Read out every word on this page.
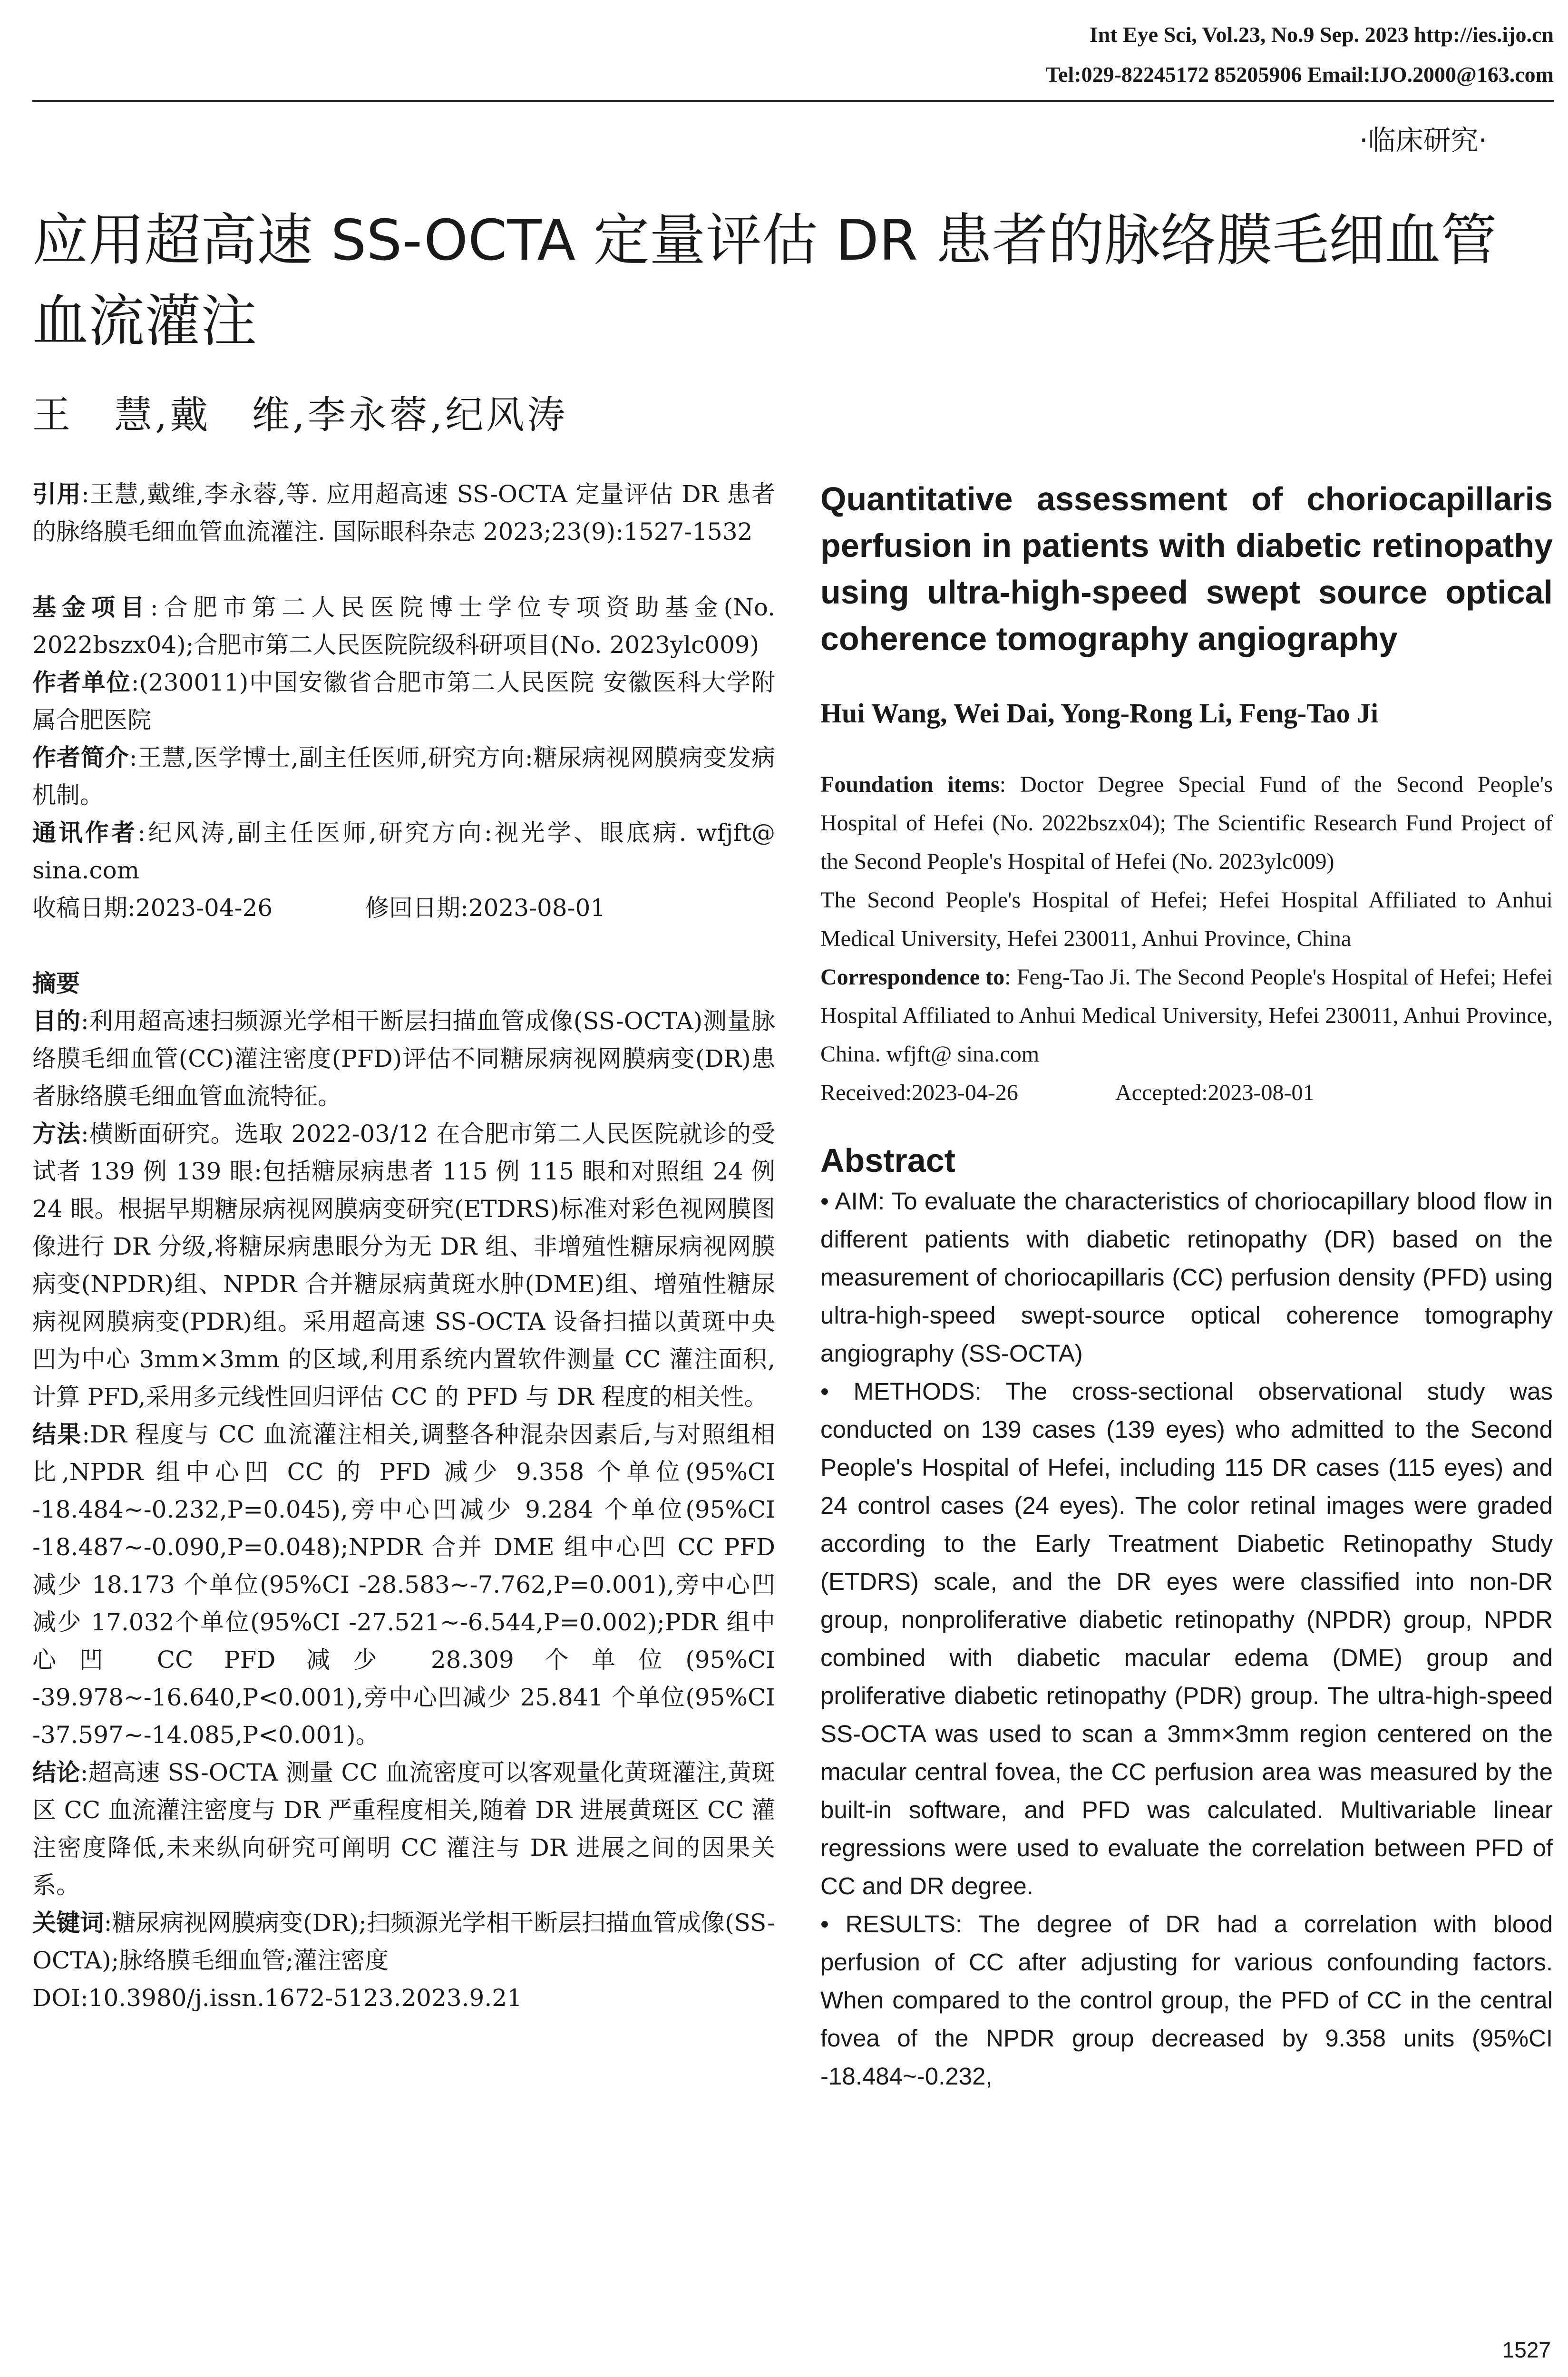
Int Eye Sci, Vol.23, No.9 Sep. 2023 http://ies.ijo.cn
Tel:029-82245172 85205906 Email:IJO.2000@163.com
·临床研究·
应用超高速 SS-OCTA 定量评估 DR 患者的脉络膜毛细血管血流灌注
王　慧,戴　维,李永蓉,纪风涛

引用:王慧,戴维,李永蓉,等. 应用超高速 SS-OCTA 定量评估 DR 患者的脉络膜毛细血管血流灌注. 国际眼科杂志 2023;23(9):1527-1532

基金项目:合肥市第二人民医院博士学位专项资助基金(No. 2022bszx04);合肥市第二人民医院院级科研项目(No. 2023ylc009)

作者单位:(230011)中国安徽省合肥市第二人民医院 安徽医科大学附属合肥医院

作者简介:王慧,医学博士,副主任医师,研究方向:糖尿病视网膜病变发病机制。

通讯作者:纪风涛,副主任医师,研究方向:视光学、眼底病. wfjft@ sina.com

收稿日期:2023-04-26	修回日期:2023-08-01

摘要

目的:利用超高速扫频源光学相干断层扫描血管成像(SS-OCTA)测量脉络膜毛细血管(CC)灌注密度(PFD)评估不同糖尿病视网膜病变(DR)患者脉络膜毛细血管血流特征。

方法:横断面研究。选取 2022-03/12 在合肥市第二人民医院就诊的受试者 139 例 139 眼:包括糖尿病患者 115 例 115 眼和对照组 24 例 24 眼。根据早期糖尿病视网膜病变研究(ETDRS)标准对彩色视网膜图像进行 DR 分级,将糖尿病患眼分为无 DR 组、非增殖性糖尿病视网膜病变(NPDR)组、NPDR 合并糖尿病黄斑水肿(DME)组、增殖性糖尿病视网膜病变(PDR)组。采用超高速 SS-OCTA 设备扫描以黄斑中央凹为中心 3mm×3mm 的区域,利用系统内置软件测量 CC 灌注面积,计算 PFD,采用多元线性回归评估 CC 的 PFD 与 DR 程度的相关性。

结果:DR 程度与 CC 血流灌注相关,调整各种混杂因素后,与对照组相比,NPDR 组中心凹 CC 的 PFD 减少 9.358 个单位(95%CI -18.484~-0.232,P=0.045),旁中心凹减少 9.284 个单位(95%CI -18.487~-0.090,P=0.048);NPDR 合并 DME 组中心凹 CC PFD 减少 18.173 个单位(95%CI -28.583~-7.762,P=0.001),旁中心凹减少 17.032个单位(95%CI -27.521~-6.544,P=0.002);PDR 组中心凹 CC PFD 减少 28.309 个单位(95%CI -39.978~-16.640,P<0.001),旁中心凹减少 25.841 个单位(95%CI -37.597~-14.085,P<0.001)。

结论:超高速 SS-OCTA 测量 CC 血流密度可以客观量化黄斑灌注,黄斑区 CC 血流灌注密度与 DR 严重程度相关,随着 DR 进展黄斑区 CC 灌注密度降低,未来纵向研究可阐明 CC 灌注与 DR 进展之间的因果关系。

关键词:糖尿病视网膜病变(DR);扫频源光学相干断层扫描血管成像(SS-OCTA);脉络膜毛细血管;灌注密度

DOI:10.3980/j.issn.1672-5123.2023.9.21

Quantitative assessment of choriocapillaris perfusion in patients with diabetic retinopathy using ultra-high-speed swept source optical coherence tomography angiography

Hui Wang, Wei Dai, Yong-Rong Li, Feng-Tao Ji

Foundation items: Doctor Degree Special Fund of the Second People's Hospital of Hefei (No. 2022bszx04); The Scientific Research Fund Project of the Second People's Hospital of Hefei (No. 2023ylc009)

The Second People's Hospital of Hefei; Hefei Hospital Affiliated to Anhui Medical University, Hefei 230011, Anhui Province, China

Correspondence to: Feng-Tao Ji. The Second People's Hospital of Hefei; Hefei Hospital Affiliated to Anhui Medical University, Hefei 230011, Anhui Province, China. wfjft@ sina.com

Received:2023-04-26	Accepted:2023-08-01

Abstract

• AIM: To evaluate the characteristics of choriocapillary blood flow in different patients with diabetic retinopathy (DR) based on the measurement of choriocapillaris (CC) perfusion density (PFD) using ultra-high-speed swept-source optical coherence tomography angiography (SS-OCTA)

• METHODS: The cross-sectional observational study was conducted on 139 cases (139 eyes) who admitted to the Second People's Hospital of Hefei, including 115 DR cases (115 eyes) and 24 control cases (24 eyes). The color retinal images were graded according to the Early Treatment Diabetic Retinopathy Study (ETDRS) scale, and the DR eyes were classified into non-DR group, nonproliferative diabetic retinopathy (NPDR) group, NPDR combined with diabetic macular edema (DME) group and proliferative diabetic retinopathy (PDR) group. The ultra-high-speed SS-OCTA was used to scan a 3mm×3mm region centered on the macular central fovea, the CC perfusion area was measured by the built-in software, and PFD was calculated. Multivariable linear regressions were used to evaluate the correlation between PFD of CC and DR degree.

• RESULTS: The degree of DR had a correlation with blood perfusion of CC after adjusting for various confounding factors. When compared to the control group, the PFD of CC in the central fovea of the NPDR group decreased by 9.358 units (95%CI -18.484~-0.232,

1527
